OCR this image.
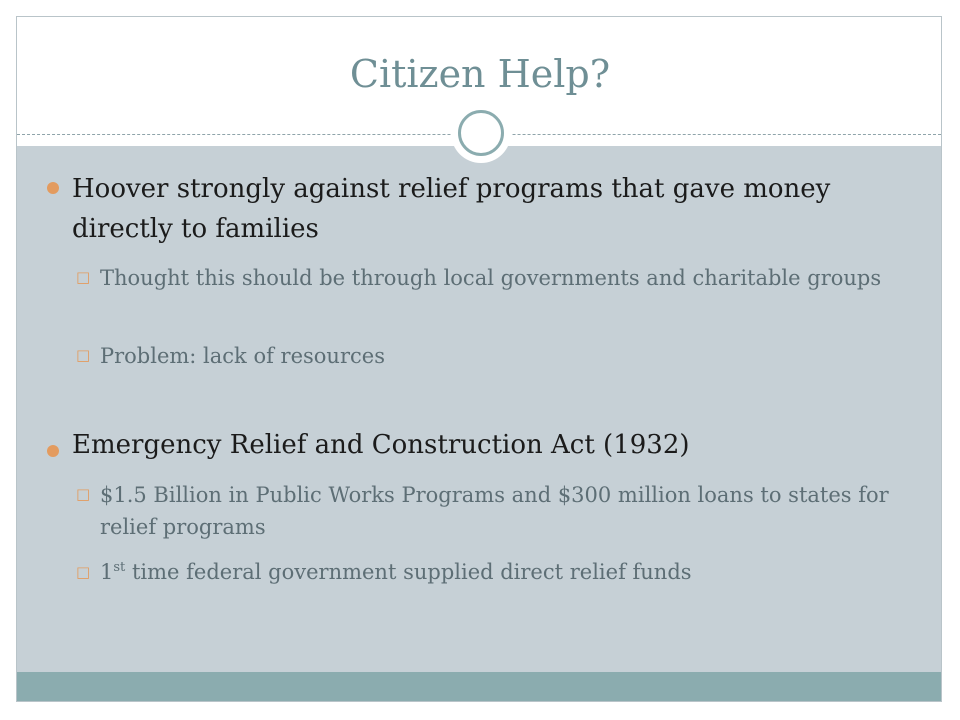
Citizen Help?
Hoover strongly against relief programs that gave money directly to families
□ Thought this should be through local governments and charitable groups
□ Problem: lack of resources
Emergency Relief and Construction Act (1932)
□ $1.5 Billion in Public Works Programs and $300 million loans to states for relief programs
□ 1st time federal government supplied direct relief funds
